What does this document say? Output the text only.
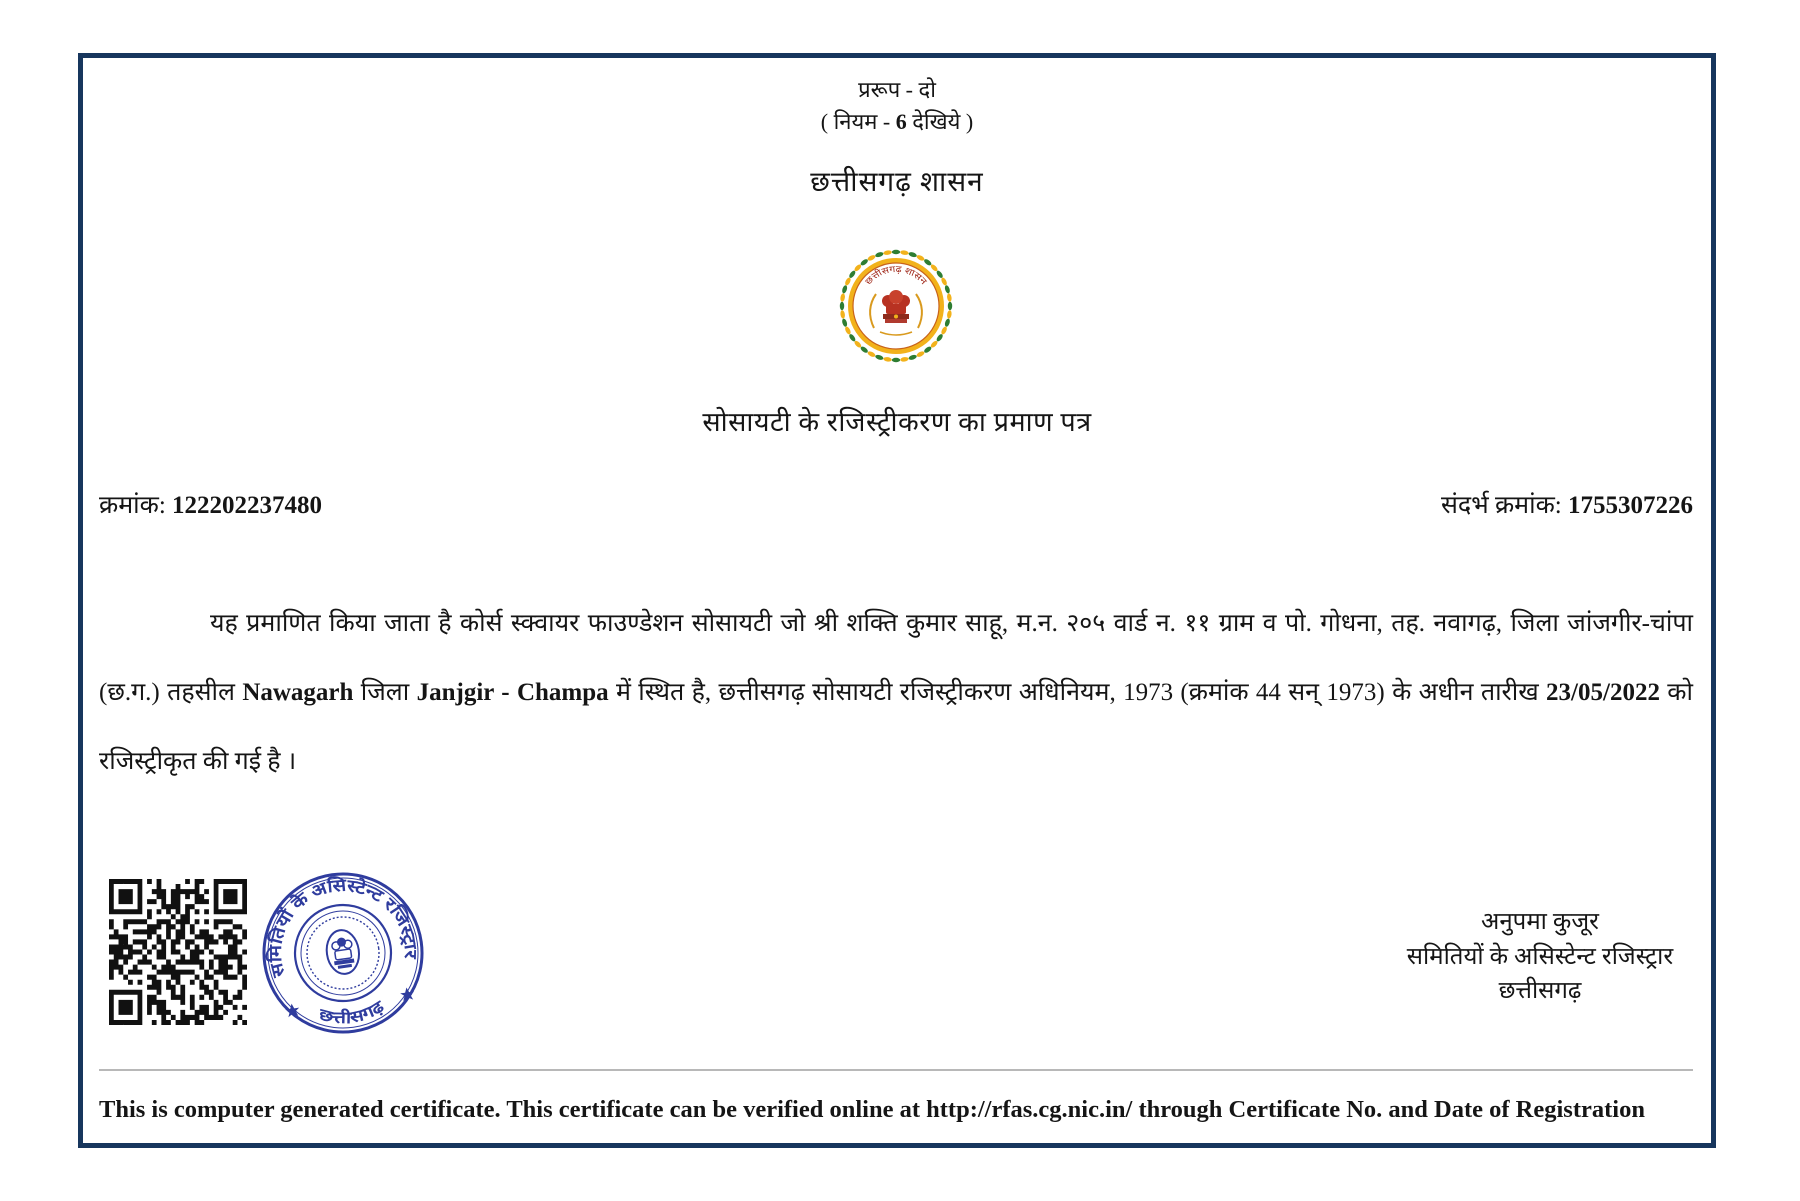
प्ररूप - दो
( नियम - 6 देखिये )
छत्तीसगढ़ शासन
छत्तीसगढ़ शासन
सोसायटी के रजिस्ट्रीकरण का प्रमाण पत्र
क्रमांक: 122202237480	संदर्भ क्रमांक: 1755307226

यह प्रमाणित किया जाता है कोर्स स्क्वायर फाउण्डेशन सोसायटी जो श्री शक्ति कुमार साहू, म.न. २०५ वार्ड न. ११ ग्राम व पो. गोधना, तह. नवागढ़, जिला जांजगीर-चांपा (छ.ग.) तहसील Nawagarh जिला Janjgir - Champa में स्थित है, छत्तीसगढ़ सोसायटी रजिस्ट्रीकरण अधिनियम, 1973 (क्रमांक 44 सन् 1973) के अधीन तारीख 23/05/2022 को रजिस्ट्रीकृत की गई है ।

समितियों के असिस्टेन्ट रजिस्ट्रार
छत्तीसगढ़
अनुपमा कुजूर
समितियों के असिस्टेन्ट रजिस्ट्रार
छत्तीसगढ़
This is computer generated certificate. This certificate can be verified online at http://rfas.cg.nic.in/ through Certificate No. and Date of Registration
